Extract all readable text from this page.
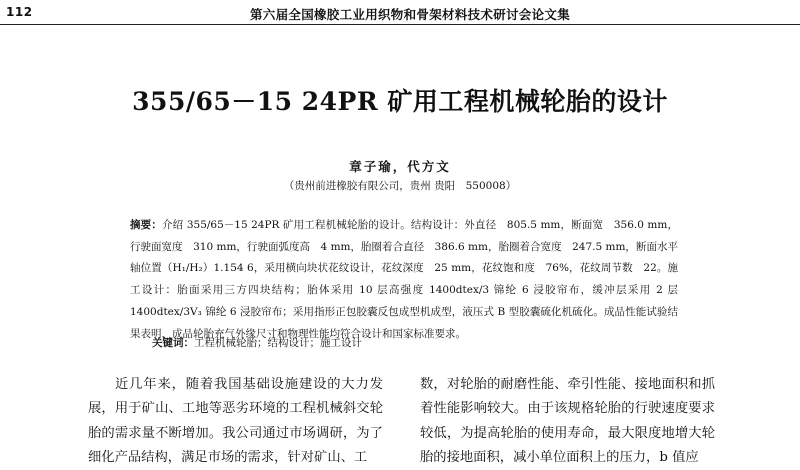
112	第六届全国橡胶工业用织物和骨架材料技术研讨会论文集
355/65－15 24PR 矿用工程机械轮胎的设计
章子瑜，代方文
（贵州前进橡胶有限公司，贵州 贵阳　550008）
摘要：介绍 355/65－15 24PR 矿用工程机械轮胎的设计。结构设计：外直径　805.5 mm，断面宽　356.0 mm，行驶面宽度　310 mm，行驶面弧度高　4 mm，胎圈着合直径　386.6 mm，胎圈着合宽度　247.5 mm，断面水平轴位置（H₁/H₂）1.154 6，采用横向块状花纹设计，花纹深度　25 mm，花纹饱和度　76%，花纹周节数　22。施工设计：胎面采用三方四块结构；胎体采用 10 层高强度 1400dtex/3 锦纶 6 浸胶帘布，缓冲层采用 2 层 1400dtex/3V₃ 锦纶 6 浸胶帘布；采用指形正包胶囊反包成型机成型，液压式 B 型胶囊硫化机硫化。成品性能试验结果表明，成品轮胎充气外缘尺寸和物理性能均符合设计和国家标准要求。
关键词：工程机械轮胎；结构设计；施工设计
近几年来，随着我国基础设施建设的大力发展，用于矿山、工地等恶劣环境的工程机械斜交轮胎的需求量不断增加。我公司通过市场调研，为了细化产品结构，满足市场的需求，针对矿山、工
数，对轮胎的耐磨性能、牵引性能、接地面积和抓着性能影响较大。由于该规格轮胎的行驶速度要求较低，为提高轮胎的使用寿命，最大限度地增大轮胎的接地面积，减小单位面积上的压力，b 值应
